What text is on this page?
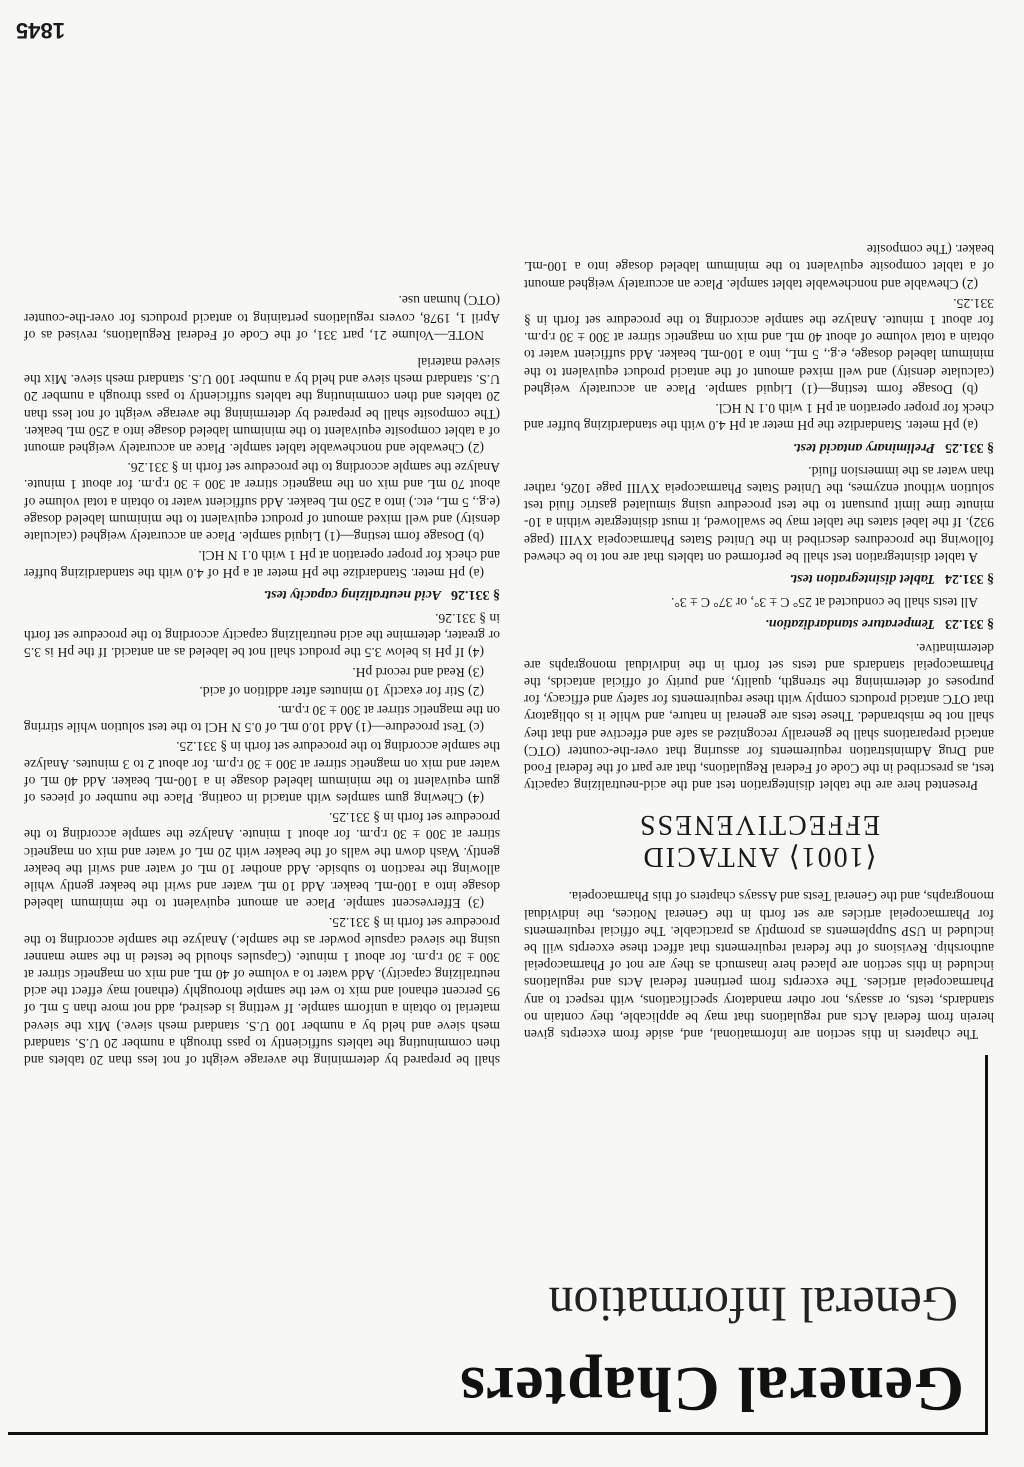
General Chapters
General Information

The chapters in this section are informational, and, aside from excerpts given herein from federal Acts and regulations that may be applicable, they contain no standards, tests, or assays, nor other mandatory specifications, with respect to any Pharmacopeial articles. The excerpts from pertinent federal Acts and regulations included in this section are placed here inasmuch as they are not of Pharmacopeial authorship. Revisions of the federal requirements that affect these excerpts will be included in USP Supplements as promptly as practicable. The official requirements for Pharmacopeial articles are set forth in the General Notices, the individual monographs, and the General Tests and Assays chapters of this Pharmacopeia.

⟨1001⟩ ANTACID
EFFECTIVENESS

Presented here are the tablet disintegration test and the acid-neutralizing capacity test, as prescribed in the Code of Federal Regulations, that are part of the federal Food and Drug Administration requirements for assuring that over-the-counter (OTC) antacid preparations shall be generally recognized as safe and effective and that they shall not be misbranded. These tests are general in nature, and while it is obligatory that OTC antacid products comply with these requirements for safety and efficacy, for purposes of determining the strength, quality, and purity of official antacids, the Pharmacopeial standards and tests set forth in the individual monographs are determinative.

§ 331.23Temperature standardization.

All tests shall be conducted at 25° C ± 3°, or 37° C ± 3°.

§ 331.24Tablet disintegration test.

A tablet disintegration test shall be performed on tablets that are not to be chewed following the procedures described in the United States Pharmacopeia XVIII (page 932). If the label states the tablet may be swallowed, it must disintegrate within a 10-minute time limit pursuant to the test procedure using simulated gastric fluid test solution without enzymes, the United States Pharmacopeia XVIII page 1026, rather than water as the immersion fluid.

§ 331.25Preliminary antacid test.

(a) pH meter. Standardize the pH meter at pH 4.0 with the standardizing buffer and check for proper operation at pH 1 with 0.1 N HCl.

(b) Dosage form testing—(1) Liquid sample. Place an accurately weighed (calculate density) and well mixed amount of the antacid product equivalent to the minimum labeled dosage, e.g., 5 mL, into a 100-mL beaker. Add sufficient water to obtain a total volume of about 40 mL and mix on magnetic stirrer at 300 ± 30 r.p.m. for about 1 minute. Analyze the sample according to the procedure set forth in § 331.25.

(2) Chewable and nonchewable tablet sample. Place an accurately weighed amount of a tablet composite equivalent to the minimum labeled dosage into a 100-mL beaker. (The composite

shall be prepared by determining the average weight of not less than 20 tablets and then comminuting the tablets sufficiently to pass through a number 20 U.S. standard mesh sieve and held by a number 100 U.S. standard mesh sieve.) Mix the sieved material to obtain a uniform sample. If wetting is desired, add not more than 5 mL of 95 percent ethanol and mix to wet the sample thoroughly (ethanol may effect the acid neutralizing capacity). Add water to a volume of 40 mL and mix on magnetic stirrer at 300 ± 30 r.p.m. for about 1 minute. (Capsules should be tested in the same manner using the sieved capsule powder as the sample.) Analyze the sample according to the procedure set forth in § 331.25.

(3) Effervescent sample. Place an amount equivalent to the minimum labeled dosage into a 100-mL beaker. Add 10 mL water and swirl the beaker gently while allowing the reaction to subside. Add another 10 mL of water and swirl the beaker gently. Wash down the walls of the beaker with 20 mL of water and mix on magnetic stirrer at 300 ± 30 r.p.m. for about 1 minute. Analyze the sample according to the procedure set forth in § 331.25.

(4) Chewing gum samples with antacid in coating. Place the number of pieces of gum equivalent to the minimum labeled dosage in a 100-mL beaker. Add 40 mL of water and mix on magnetic stirrer at 300 ± 30 r.p.m. for about 2 to 3 minutes. Analyze the sample according to the procedure set forth in § 331.25.

(c) Test procedure—(1) Add 10.0 mL of 0.5 N HCl to the test solution while stirring on the magnetic stirrer at 300 ± 30 r.p.m.

(2) Stir for exactly 10 minutes after addition of acid.

(3) Read and record pH.

(4) If pH is below 3.5 the product shall not be labeled as an antacid. If the pH is 3.5 or greater, determine the acid neutralizing capacity according to the procedure set forth in § 331.26.

§ 331.26Acid neutralizing capacity test.

(a) pH meter. Standardize the pH meter at a pH of 4.0 with the standardizing buffer and check for proper operation at pH 1 with 0.1 N HCl.

(b) Dosage form testing—(1) Liquid sample. Place an accurately weighed (calculate density) and well mixed amount of product equivalent to the minimum labeled dosage (e.g., 5 mL, etc.) into a 250 mL beaker. Add sufficient water to obtain a total volume of about 70 mL and mix on the magnetic stirrer at 300 ± 30 r.p.m. for about 1 minute. Analyze the sample according to the procedure set forth in § 331.26.

(2) Chewable and nonchewable tablet sample. Place an accurately weighed amount of a tablet composite equivalent to the minimum labeled dosage into a 250 mL beaker. (The composite shall be prepared by determining the average weight of not less than 20 tablets and then comminuting the tablets sufficiently to pass through a number 20 U.S. standard mesh sieve and held by a number 100 U.S. standard mesh sieve. Mix the sieved material

NOTE—Volume 21, part 331, of the Code of Federal Regulations, revised as of April 1, 1978, covers regulations pertaining to antacid products for over-the-counter (OTC) human use.

1845
